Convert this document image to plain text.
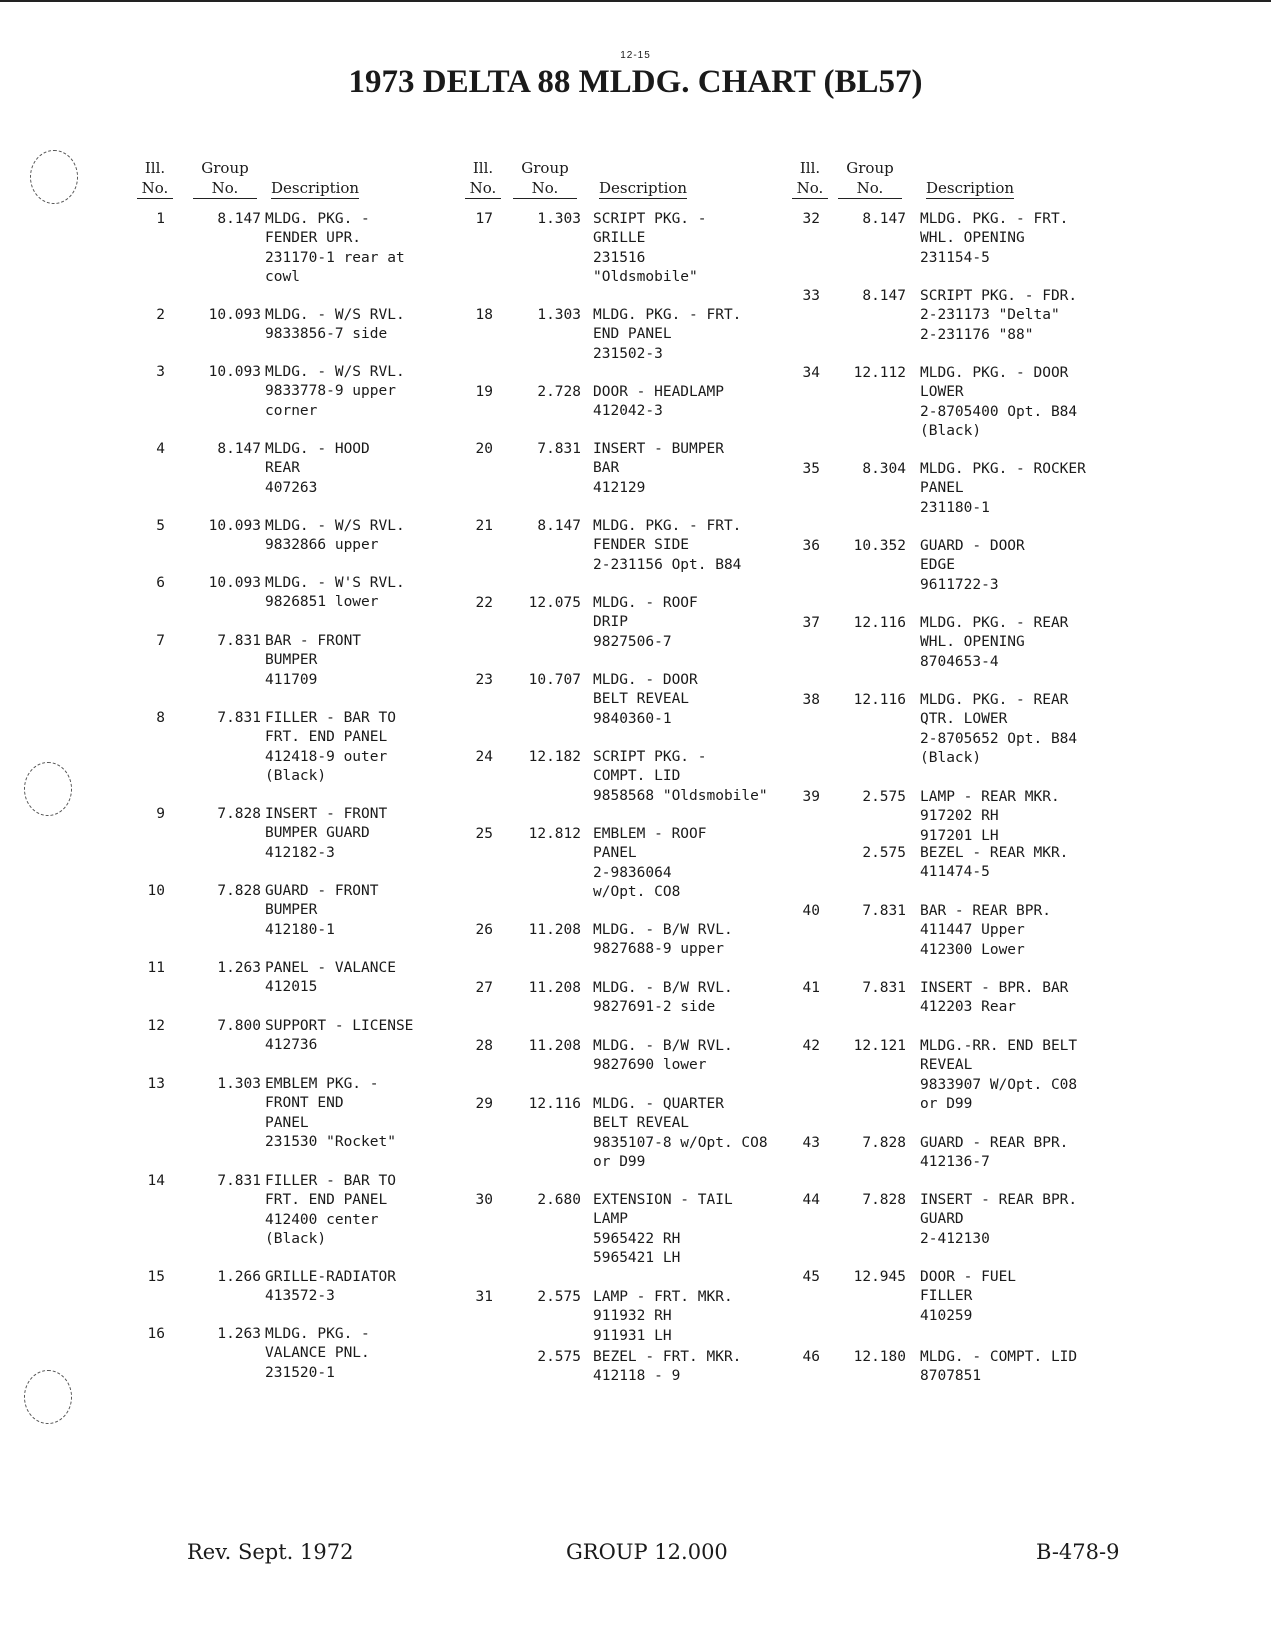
12-15
1973 DELTA 88 MLDG. CHART (BL57)
Ill.
No.
Group
No.	Description
1	8.147 MLDG. PKG. -
FENDER UPR.
231170-1 rear at
cowl
2	10.093 MLDG. - W/S RVL.
9833856-7 side
3	10.093 MLDG. - W/S RVL.
9833778-9 upper
corner
4	8.147 MLDG. - HOOD
REAR
407263
5	10.093 MLDG. - W/S RVL.
9832866 upper
6	10.093 MLDG. - W'S RVL.
9826851 lower
7	7.831 BAR - FRONT
BUMPER
411709
8	7.831 FILLER - BAR TO
FRT. END PANEL
412418-9 outer
(Black)
9	7.828 INSERT - FRONT
BUMPER GUARD
412182-3
10	7.828 GUARD - FRONT
BUMPER
412180-1
11	1.263 PANEL - VALANCE
412015
12	7.800 SUPPORT - LICENSE
412736
13	1.303 EMBLEM PKG. -
FRONT END
PANEL
231530 "Rocket"
14	7.831 FILLER - BAR TO
FRT. END PANEL
412400 center
(Black)
15	1.266 GRILLE-RADIATOR
413572-3
16	1.263 MLDG. PKG. -
VALANCE PNL.
231520-1
Ill.
No.
Group
No.	Description
17	1.303 SCRIPT PKG. -
GRILLE
231516
"Oldsmobile"
18	1.303 MLDG. PKG. - FRT.
END PANEL
231502-3
19	2.728 DOOR - HEADLAMP
412042-3
20	7.831 INSERT - BUMPER
BAR
412129
21	8.147 MLDG. PKG. - FRT.
FENDER SIDE
2-231156 Opt. B84
22	12.075 MLDG. - ROOF
DRIP
9827506-7
23	10.707 MLDG. - DOOR
BELT REVEAL
9840360-1
24	12.182 SCRIPT PKG. -
COMPT. LID
9858568 "Oldsmobile"
25	12.812 EMBLEM - ROOF
PANEL
2-9836064
w/Opt. CO8
26	11.208 MLDG. - B/W RVL.
9827688-9 upper
27	11.208 MLDG. - B/W RVL.
9827691-2 side
28	11.208 MLDG. - B/W RVL.
9827690 lower
29	12.116 MLDG. - QUARTER
BELT REVEAL
9835107-8 w/Opt. CO8
or D99
30	2.680 EXTENSION - TAIL
LAMP
5965422 RH
5965421 LH
31	2.575 LAMP - FRT. MKR.
911932 RH
911931 LH
2.575 BEZEL - FRT. MKR.
412118 - 9
Ill.
No.
Group
No.	Description
32	8.147 MLDG. PKG. - FRT.
WHL. OPENING
231154-5
33	8.147 SCRIPT PKG. - FDR.
2-231173 "Delta"
2-231176 "88"
34	12.112 MLDG. PKG. - DOOR
LOWER
2-8705400 Opt. B84
(Black)
35	8.304 MLDG. PKG. - ROCKER
PANEL
231180-1
36	10.352 GUARD - DOOR
EDGE
9611722-3
37	12.116 MLDG. PKG. - REAR
WHL. OPENING
8704653-4
38	12.116 MLDG. PKG. - REAR
QTR. LOWER
2-8705652 Opt. B84
(Black)
39	2.575 LAMP - REAR MKR.
917202 RH
917201 LH
2.575 BEZEL - REAR MKR.
411474-5
40	7.831 BAR - REAR BPR.
411447 Upper
412300 Lower
41	7.831 INSERT - BPR. BAR
412203 Rear
42	12.121 MLDG.-RR. END BELT
REVEAL
9833907 W/Opt. C08
or D99
43	7.828 GUARD - REAR BPR.
412136-7
44	7.828 INSERT - REAR BPR.
GUARD
2-412130
45	12.945 DOOR - FUEL
FILLER
410259
46	12.180 MLDG. - COMPT. LID
8707851
Rev. Sept. 1972	GROUP 12.000	B-478-9
